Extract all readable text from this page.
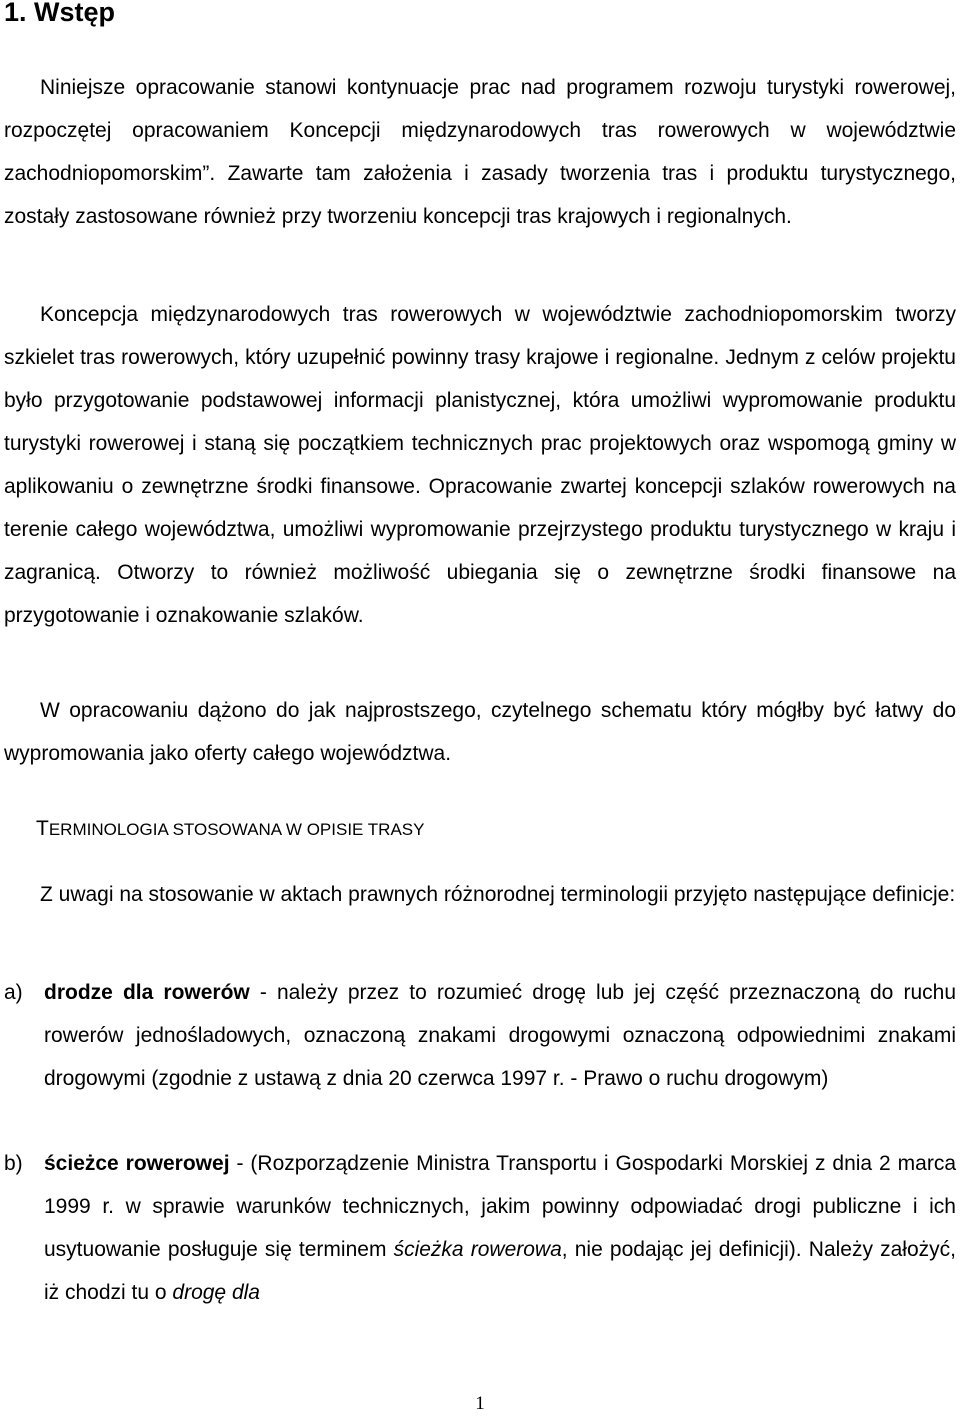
1. Wstęp

Niniejsze opracowanie stanowi kontynuacje prac nad programem rozwoju turystyki rowerowej, rozpoczętej opracowaniem Koncepcji międzynarodowych tras rowerowych w województwie zachodniopomorskim”. Zawarte tam założenia i zasady tworzenia tras i produktu turystycznego, zostały zastosowane również przy tworzeniu koncepcji tras krajowych i regionalnych.

Koncepcja międzynarodowych tras rowerowych w województwie zachodniopomorskim tworzy szkielet tras rowerowych, który uzupełnić powinny trasy krajowe i regionalne. Jednym z celów projektu było przygotowanie podstawowej informacji planistycznej, która umożliwi wypromowanie produktu turystyki rowerowej i staną się początkiem technicznych prac projektowych oraz wspomogą gminy w aplikowaniu o zewnętrzne środki finansowe. Opracowanie zwartej koncepcji szlaków rowerowych na terenie całego województwa, umożliwi wypromowanie przejrzystego produktu turystycznego w kraju i zagranicą. Otworzy to również możliwość ubiegania się o zewnętrzne środki finansowe na przygotowanie i oznakowanie szlaków.

W opracowaniu dążono do jak najprostszego, czytelnego schematu który mógłby być łatwy do wypromowania jako oferty całego województwa.

TERMINOLOGIA STOSOWANA W OPISIE TRASY

Z uwagi na stosowanie w aktach prawnych różnorodnej terminologii przyjęto następujące definicje:

a) drodze dla rowerów - należy przez to rozumieć drogę lub jej część przeznaczoną do ruchu rowerów jednośladowych, oznaczoną znakami drogowymi oznaczoną odpowiednimi znakami drogowymi (zgodnie z ustawą z dnia 20 czerwca 1997 r. - Prawo o ruchu drogowym)
b) ścieżce rowerowej - (Rozporządzenie Ministra Transportu i Gospodarki Morskiej z dnia 2 marca 1999 r. w sprawie warunków technicznych, jakim powinny odpowiadać drogi publiczne i ich usytuowanie posługuje się terminem ścieżka rowerowa, nie podając jej definicji). Należy założyć, iż chodzi tu o drogę dla
1
